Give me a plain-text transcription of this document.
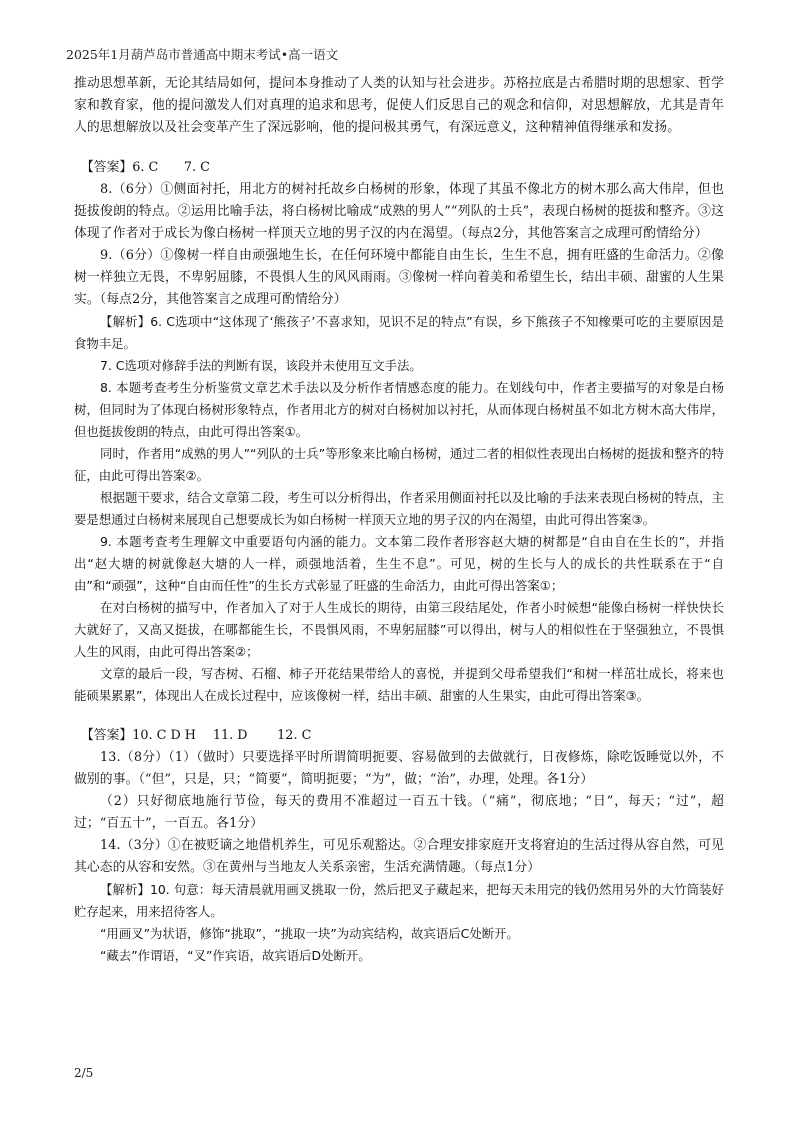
2025年1月葫芦岛市普通高中期末考试•高一语文

推动思想革新，无论其结局如何，提问本身推动了人类的认知与社会进步。苏格拉底是古希腊时期的思想家、哲学家和教育家，他的提问激发人们对真理的追求和思考，促使人们反思自己的观念和信仰，对思想解放，尤其是青年人的思想解放以及社会变革产生了深远影响，他的提问极其勇气，有深远意义，这种精神值得继承和发扬。

【答案】6. C　　7. C

8.（6分）①侧面衬托，用北方的树衬托故乡白杨树的形象，体现了其虽不像北方的树木那么高大伟岸，但也挺拔俊朗的特点。②运用比喻手法，将白杨树比喻成“成熟的男人”“列队的士兵”，表现白杨树的挺拔和整齐。③这体现了作者对于成长为像白杨树一样顶天立地的男子汉的内在渴望。（每点2分，其他答案言之成理可酌情给分）

9.（6分）①像树一样自由顽强地生长，在任何环境中都能自由生长，生生不息，拥有旺盛的生命活力。②像树一样独立无畏，不卑躬屈膝，不畏惧人生的风风雨雨。③像树一样向着美和希望生长，结出丰硕、甜蜜的人生果实。（每点2分，其他答案言之成理可酌情给分）

【解析】6. C选项中“这体现了‘熊孩子’不喜求知，见识不足的特点”有误，乡下熊孩子不知橡栗可吃的主要原因是食物丰足。

7. C选项对修辞手法的判断有误，该段并未使用互文手法。

8. 本题考查考生分析鉴赏文章艺术手法以及分析作者情感态度的能力。在划线句中，作者主要描写的对象是白杨树，但同时为了体现白杨树形象特点，作者用北方的树对白杨树加以衬托，从而体现白杨树虽不如北方树木高大伟岸，但也挺拔俊朗的特点，由此可得出答案①。

同时，作者用“成熟的男人”“列队的士兵”等形象来比喻白杨树，通过二者的相似性表现出白杨树的挺拔和整齐的特征，由此可得出答案②。

根据题干要求，结合文章第二段，考生可以分析得出，作者采用侧面衬托以及比喻的手法来表现白杨树的特点，主要是想通过白杨树来展现自己想要成长为如白杨树一样顶天立地的男子汉的内在渴望，由此可得出答案③。

9. 本题考查考生理解文中重要语句内涵的能力。文本第二段作者形容赵大塘的树都是“自由自在生长的”，并指出“赵大塘的树就像赵大塘的人一样，顽强地活着，生生不息”。可见，树的生长与人的成长的共性联系在于“自由”和“顽强”，这种“自由而任性”的生长方式彰显了旺盛的生命活力，由此可得出答案①；

在对白杨树的描写中，作者加入了对于人生成长的期待，由第三段结尾处，作者小时候想“能像白杨树一样快快长大就好了，又高又挺拔，在哪都能生长，不畏惧风雨，不卑躬屈膝”可以得出，树与人的相似性在于坚强独立，不畏惧人生的风雨，由此可得出答案②；

文章的最后一段，写杏树、石榴、柿子开花结果带给人的喜悦，并提到父母希望我们“和树一样茁壮成长，将来也能硕果累累”，体现出人在成长过程中，应该像树一样，结出丰硕、甜蜜的人生果实，由此可得出答案③。

【答案】10. C D H　 11. D　　 12. C

13.（8分）（1）（做时）只要选择平时所谓简明扼要、容易做到的去做就行，日夜修炼，除吃饭睡觉以外，不做别的事。（“但”，只是，只；“简要”，简明扼要；“为”，做；“治”，办理，处理。各1分）

（2）只好彻底地施行节俭，每天的费用不准超过一百五十钱。（“痛”，彻底地；“日”，每天；“过”，超过；“百五十”，一百五。各1分）

14.（3分）①在被贬谪之地借机养生，可见乐观豁达。②合理安排家庭开支将窘迫的生活过得从容自然，可见其心态的从容和安然。③在黄州与当地友人关系亲密，生活充满情趣。（每点1分）

【解析】10. 句意：每天清晨就用画叉挑取一份，然后把叉子藏起来，把每天未用完的钱仍然用另外的大竹筒装好贮存起来，用来招待客人。

“用画叉”为状语，修饰“挑取”，“挑取一块”为动宾结构，故宾语后C处断开。

“藏去”作谓语，“叉”作宾语，故宾语后D处断开。

2/5
